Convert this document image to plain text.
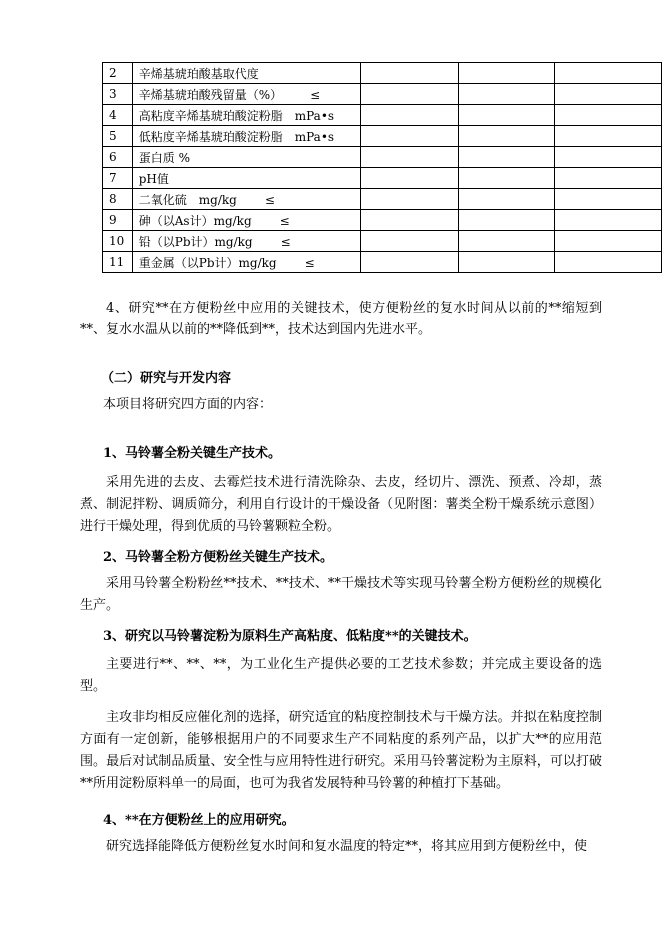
2	辛烯基琥珀酸基取代度			
3	辛烯基琥珀酸残留量（%） ≤			
4	高粘度辛烯基琥珀酸淀粉脂 mPa•s			
5	低粘度辛烯基琥珀酸淀粉脂 mPa•s			
6	蛋白质 %			
7	pH值			
8	二氧化硫 mg/kg ≤			
9	砷（以As计）mg/kg ≤			
10	铅（以Pb计）mg/kg ≤			
11	重金属（以Pb计）mg/kg ≤			
4、研究**在方便粉丝中应用的关键技术，使方便粉丝的复水时间从以前的**缩短到**、复水水温从以前的**降低到**，技术达到国内先进水平。
（二）研究与开发内容
本项目将研究四方面的内容：
1、马铃薯全粉关键生产技术。
采用先进的去皮、去霉烂技术进行清洗除杂、去皮，经切片、漂洗、预煮、冷却，蒸煮、制泥拌粉、调质筛分，利用自行设计的干燥设备（见附图：薯类全粉干燥系统示意图）进行干燥处理，得到优质的马铃薯颗粒全粉。
2、马铃薯全粉方便粉丝关键生产技术。
采用马铃薯全粉粉丝**技术、**技术、**干燥技术等实现马铃薯全粉方便粉丝的规模化生产。
3、研究以马铃薯淀粉为原料生产高粘度、低粘度**的关键技术。
主要进行**、**、**，为工业化生产提供必要的工艺技术参数；并完成主要设备的选型。
主攻非均相反应催化剂的选择，研究适宜的粘度控制技术与干燥方法。并拟在粘度控制方面有一定创新，能够根据用户的不同要求生产不同粘度的系列产品，以扩大**的应用范围。最后对试制品质量、安全性与应用特性进行研究。采用马铃薯淀粉为主原料，可以打破**所用淀粉原料单一的局面，也可为我省发展特种马铃薯的种植打下基础。
4、**在方便粉丝上的应用研究。
研究选择能降低方便粉丝复水时间和复水温度的特定**，将其应用到方便粉丝中，使
